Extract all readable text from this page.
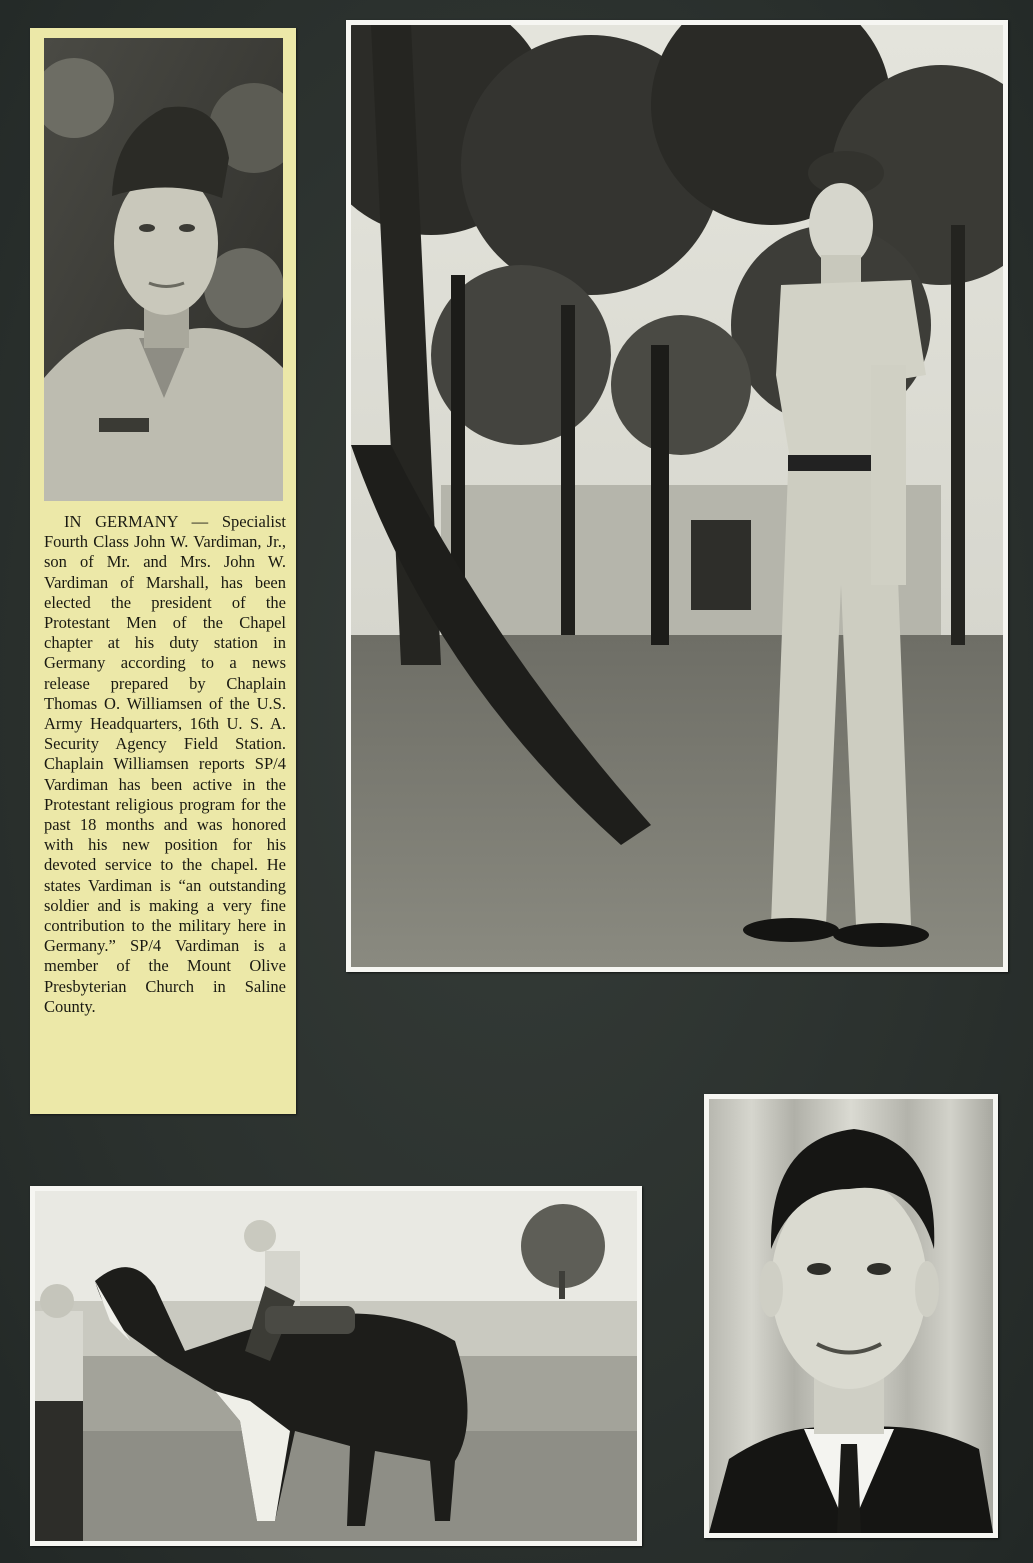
IN GERMANY — Specialist Fourth Class John W. Vardiman, Jr., son of Mr. and Mrs. John W. Vardiman of Marshall, has been elected the president of the Protestant Men of the Chapel chapter at his duty station in Germany according to a news release prepared by Chaplain Thomas O. Williamsen of the U.S. Army Headquarters, 16th U. S. A. Security Agency Field Station. Chaplain Williamsen reports SP/4 Vardiman has been active in the Protestant religious program for the past 18 months and was honored with his new position for his devoted service to the chapel. He states Vardiman is “an outstanding soldier and is making a very fine contribution to the military here in Germany.” SP/4 Vardiman is a member of the Mount Olive Presbyterian Church in Saline County.
